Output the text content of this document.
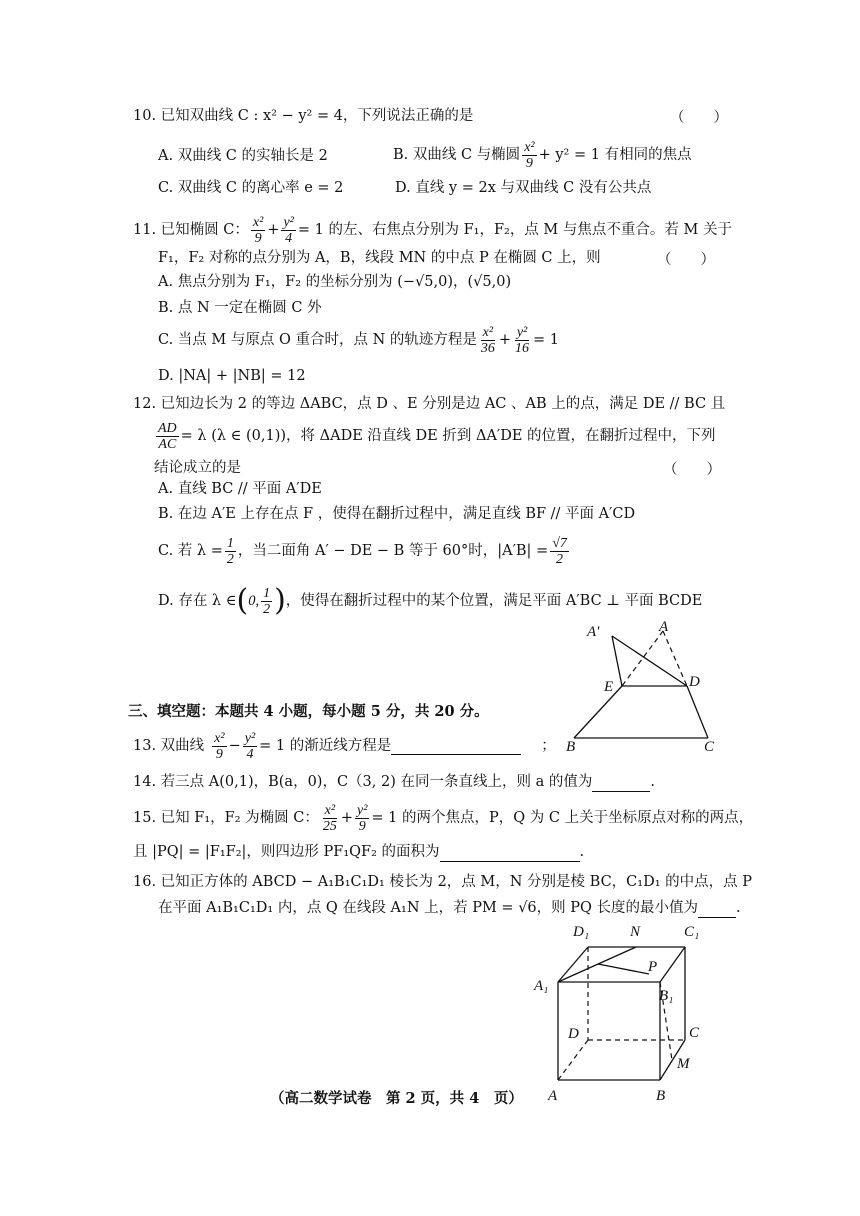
10. 已知双曲线 C : x² − y² = 4，下列说法正确的是	（　　）
A. 双曲线 C 的实轴长是 2	B. 双曲线 C 与椭圆 $\frac{\text{x²}}{9} + y^2 = 1$ 有相同的焦点
C. 双曲线 C 的离心率 e = 2	D. 直线 y = 2x 与双曲线 C 没有公共点
11. 已知椭圆 C： $\frac{\text{x²}}{9} + \frac{\text{y²}}{4} = 1$ 的左、右焦点分别为 F₁，F₂，点 M 与焦点不重合。若 M 关于
F₁，F₂ 对称的点分别为 A，B，线段 MN 的中点 P 在椭圆 C 上，则	（　　）
A. 焦点分别为 F₁，F₂ 的坐标分别为 (−√5,0)，(√5,0)
B. 点 N 一定在椭圆 C 外
C. 当点 M 与原点 O 重合时，点 N 的轨迹方程是 $\frac{\text{x²}}{36} + \frac{\text{y²}}{16} = 1$
D. |NA| + |NB| = 12
12. 已知边长为 2 的等边 ΔABC，点 D 、E 分别是边 AC 、AB 上的点，满足 DE // BC 且
$\frac{AD}{AC} = \lambda$ (λ ∈ (0,1))，将 ΔADE 沿直线 DE 折到 ΔA′DE 的位置，在翻折过程中，下列
结论成立的是	（　　）
A. 直线 BC // 平面 A′DE
B. 在边 A′E 上存在点 F ，使得在翻折过程中，满足直线 BF // 平面 A′CD
C. 若 $\lambda = \frac{1}{2}$ ，当二面角 A′ − DE − B 等于 60°时，$|A'B| = \frac{√7}{2}$
D. 存在 λ ∈ ( 0, $\frac{1}{2}$ ) ，使得在翻折过程中的某个位置，满足平面 A′BC ⊥ 平面 BCDE
A′	A
E	D
B	C
三、填空题：本题共 4 小题，每小题 5 分，共 20 分。
13. 双曲线 $\frac{\text{x²}}{9} - \frac{\text{y²}}{4} = 1$ 的渐近线方程是	；
14. 若三点 A(0,1)，B(a，0)，C（3, 2) 在同一条直线上，则 a 的值为	.
15. 已知 F₁，F₂ 为椭圆 C： $\frac{\text{x²}}{25} + \frac{\text{y²}}{9} = 1$ 的两个焦点，P，Q 为 C 上关于坐标原点对称的两点，
且 |PQ| = |F₁F₂|，则四边形 PF₁QF₂ 的面积为	.
16. 已知正方体的 ABCD − A₁B₁C₁D₁ 棱长为 2，点 M，N 分别是棱 BC，C₁D₁ 的中点，点 P
在平面 A₁B₁C₁D₁ 内，点 Q 在线段 A₁N 上，若 PM = √6，则 PQ 长度的最小值为	.
D₁	N	C₁
A₁
P
B₁
D	C
M
A	B
（高二数学试卷　第 2 页，共 4　页）
